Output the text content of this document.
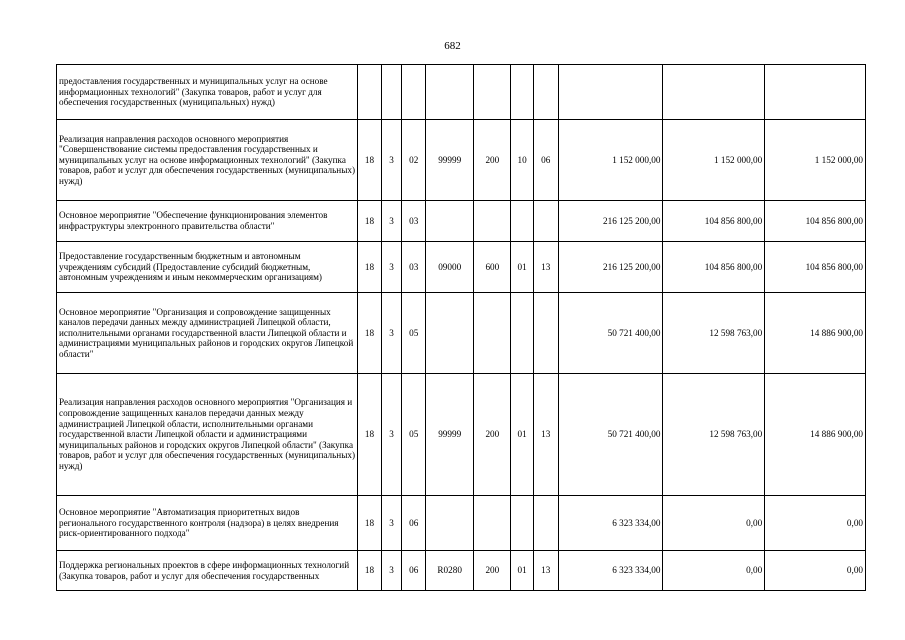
682
предоставления государственных и муниципальных услуг на основе информационных технологий" (Закупка товаров, работ и услуг для обеспечения государственных (муниципальных) нужд)										
Реализация направления расходов основного мероприятия "Совершенствование системы предоставления государственных и муниципальных услуг на основе информационных технологий" (Закупка товаров, работ и услуг для обеспечения государственных (муниципальных) нужд)	18	3	02	99999	200	10	06	1 152 000,00	1 152 000,00	1 152 000,00
Основное мероприятие "Обеспечение функционирования элементов инфраструктуры электронного правительства области"	18	3	03					216 125 200,00	104 856 800,00	104 856 800,00
Предоставление государственным бюджетным и автономным учреждениям субсидий (Предоставление субсидий бюджетным, автономным учреждениям и иным некоммерческим организациям)	18	3	03	09000	600	01	13	216 125 200,00	104 856 800,00	104 856 800,00
Основное мероприятие "Организация и сопровождение защищенных каналов передачи данных между администрацией Липецкой области, исполнительными органами государственной власти Липецкой области и администрациями муниципальных районов и городских округов Липецкой области"	18	3	05					50 721 400,00	12 598 763,00	14 886 900,00
Реализация направления расходов основного мероприятия "Организация и сопровождение защищенных каналов передачи данных между администрацией Липецкой области, исполнительными органами государственной власти Липецкой области и администрациями муниципальных районов и городских округов Липецкой области" (Закупка товаров, работ и услуг для обеспечения государственных (муниципальных) нужд)	18	3	05	99999	200	01	13	50 721 400,00	12 598 763,00	14 886 900,00
Основное мероприятие "Автоматизация приоритетных видов регионального государственного контроля (надзора) в целях внедрения риск-ориентированного подхода"	18	3	06					6 323 334,00	0,00	0,00
Поддержка региональных проектов в сфере информационных технологий (Закупка товаров, работ и услуг для обеспечения государственных	18	3	06	R0280	200	01	13	6 323 334,00	0,00	0,00
